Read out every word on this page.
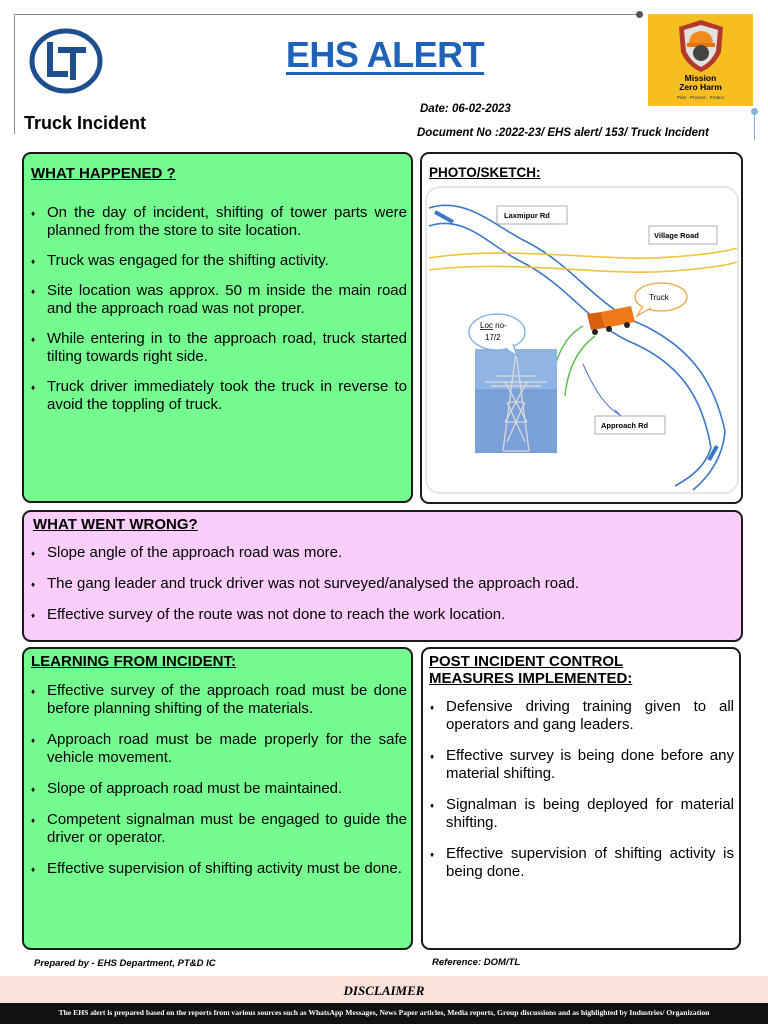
EHS ALERT
Mission
Zero Harm
Plan · Prevent · Protect
Date: 06-02-2023
Truck Incident	Document No :2022-23/ EHS alert/ 153/ Truck Incident
WHAT HAPPENED ?
♦ On the day of incident, shifting of tower parts were planned from the store to site location.
♦ Truck was engaged for the shifting activity.
♦ Site location was approx. 50 m inside the main road and the approach road was not proper.
♦ While entering in to the approach road, truck started tilting towards right side.
♦ Truck driver immediately took the truck in reverse to avoid the toppling of truck.
PHOTO/SKETCH:
Loc no-
17/2
Truck
Laxmipur Rd
Village Road
Approach Rd
WHAT WENT WRONG?
♦ Slope angle of the approach road was more.
♦ The gang leader and truck driver was not surveyed/analysed the approach road.
♦ Effective survey of the route was not done to reach the work location.
LEARNING FROM INCIDENT:
♦ Effective survey of the approach road must be done before planning shifting of the materials.
♦ Approach road must be made properly for the safe vehicle movement.
♦ Slope of approach road must be maintained.
♦ Competent signalman must be engaged to guide the driver or operator.
♦ Effective supervision of shifting activity must be done.
POST INCIDENT CONTROL
MEASURES IMPLEMENTED:
♦ Defensive driving training given to all operators and gang leaders.
♦ Effective survey is being done before any material shifting.
♦ Signalman is being deployed for material shifting.
♦ Effective supervision of shifting activity is being done.
Prepared by - EHS Department, PT&D IC	Reference: DOM/TL
DISCLAIMER
The EHS alert is prepared based on the reports from various sources such as WhatsApp Messages, News Paper articles, Media reports, Group discussions and as highlighted by Industries/ Organization
